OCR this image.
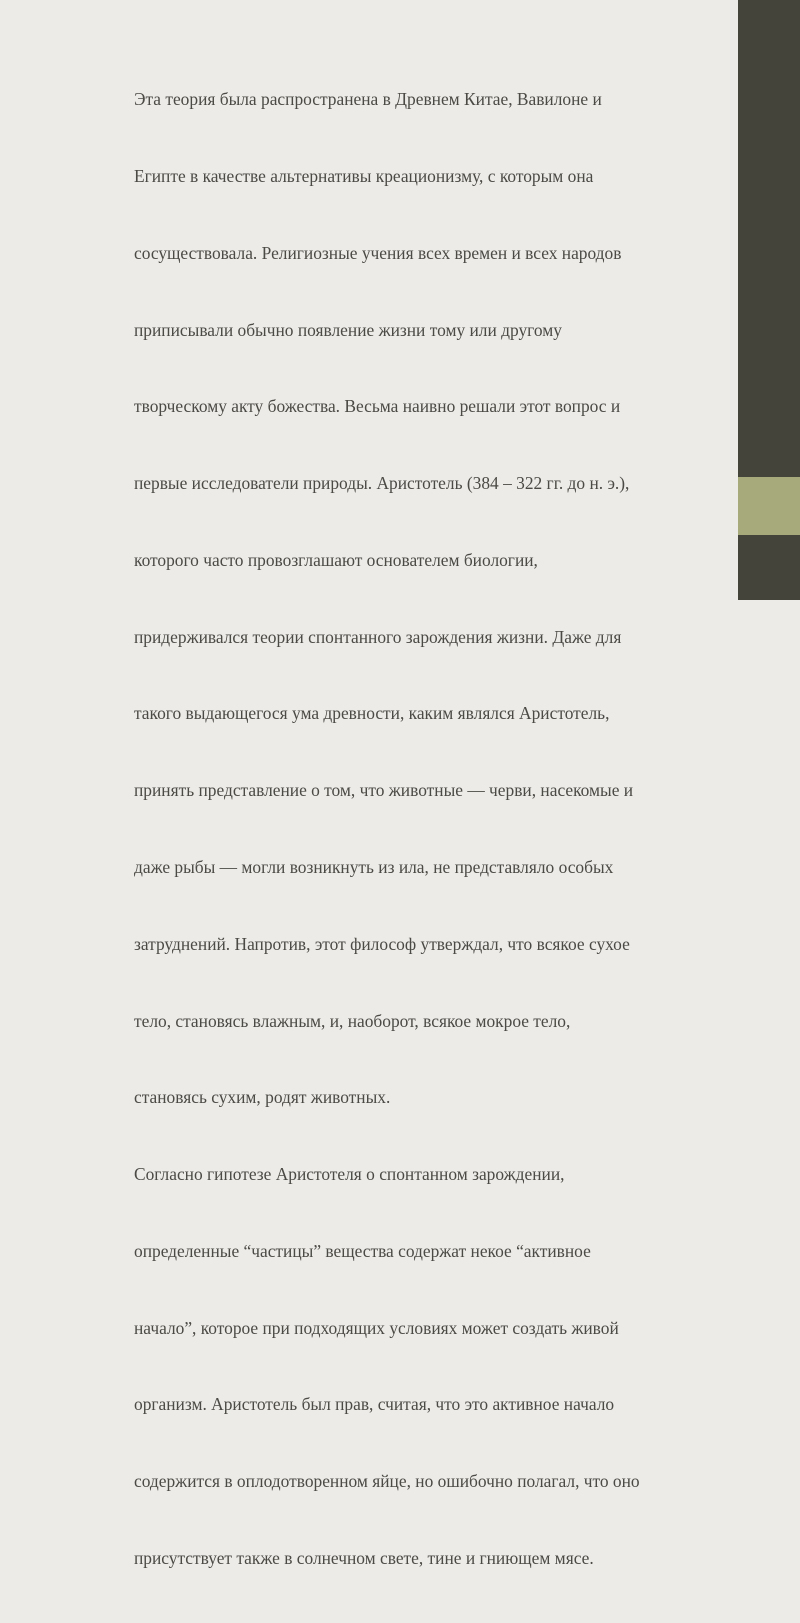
Эта теория была распространена в Древнем Китае, Вавилоне и

Египте в качестве альтернативы креационизму, с которым она

сосуществовала. Религиозные учения всех времен и всех народов

приписывали обычно появление жизни тому или другому

творческому акту божества. Весьма наивно решали этот вопрос и

первые исследователи природы. Аристотель (384 – 322 гг. до н. э.),

которого часто провозглашают основателем биологии,

придерживался теории спонтанного зарождения жизни. Даже для

такого выдающегося ума древности, каким являлся Аристотель,

принять представление о том, что животные — черви, насекомые и

даже рыбы — могли возникнуть из ила, не представляло особых

затруднений. Напротив, этот философ утверждал, что всякое сухое

тело, становясь влажным, и, наоборот, всякое мокрое тело,

становясь сухим, родят животных.

Согласно гипотезе Аристотеля о спонтанном зарождении,

определенные “частицы” вещества содержат некое “активное

начало”, которое при подходящих условиях может создать живой

организм. Аристотель был прав, считая, что это активное начало

содержится в оплодотворенном яйце, но ошибочно полагал, что оно

присутствует также в солнечном свете, тине и гниющем мясе.
